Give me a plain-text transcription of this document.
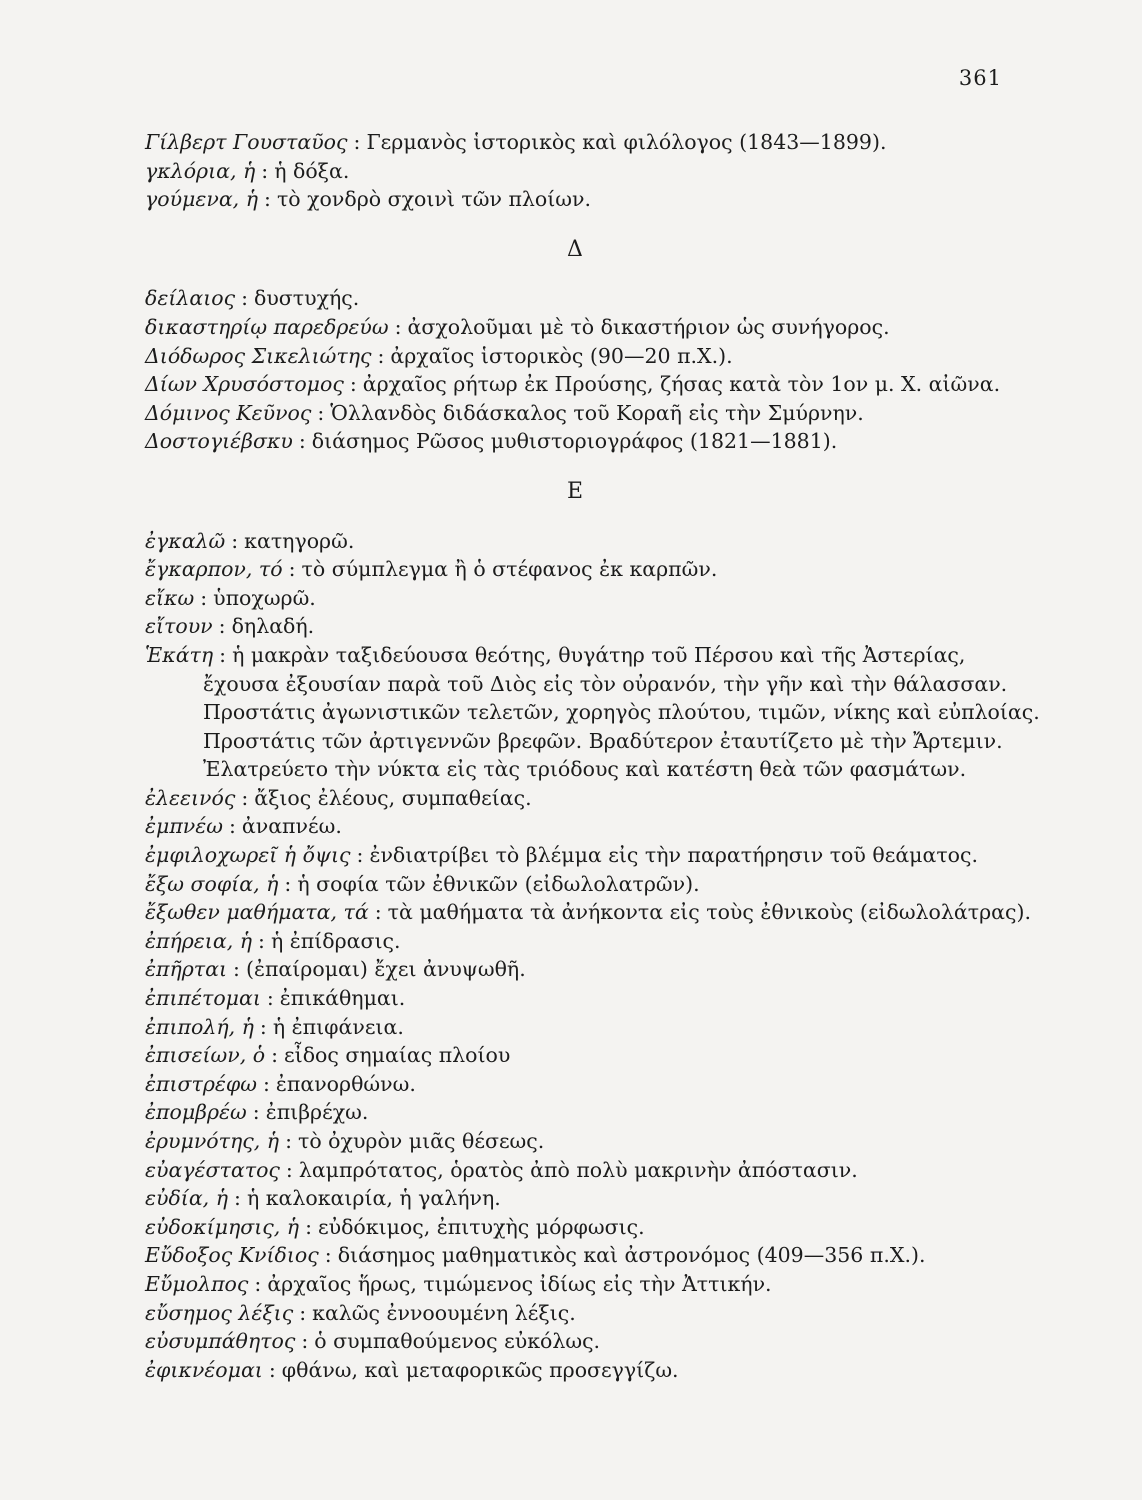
361
Γίλβερτ Γουσταῦος : Γερμανὸς ἱστορικὸς καὶ φιλόλογος (1843—1899).
γκλόρια, ἡ : ἡ δόξα.
γούμενα, ἡ : τὸ χονδρὸ σχοινὶ τῶν πλοίων.
Δ
δείλαιος : δυστυχής.
δικαστηρίῳ παρεδρεύω : ἀσχολοῦμαι μὲ τὸ δικαστήριον ὡς συνήγορος.
Διόδωρος Σικελιώτης : ἀρχαῖος ἱστορικὸς (90—20 π.Χ.).
Δίων Χρυσόστομος : ἀρχαῖος ρήτωρ ἐκ Προύσης, ζήσας κατὰ τὸν 1ον μ. Χ. αἰῶνα.
Δόμινος Κεῦνος : Ὁλλανδὸς διδάσκαλος τοῦ Κοραῆ εἰς τὴν Σμύρνην.
Δοστογιέβσκυ : διάσημος Ρῶσος μυθιστοριογράφος (1821—1881).
Ε
ἐγκαλῶ : κατηγορῶ.
ἔγκαρπον, τό : τὸ σύμπλεγμα ἢ ὁ στέφανος ἐκ καρπῶν.
εἴκω : ὑποχωρῶ.
εἴτουν : δηλαδή.
Ἑκάτη : ἡ μακρὰν ταξιδεύουσα θεότης, θυγάτηρ τοῦ Πέρσου καὶ τῆς Ἀστερίας,
ἔχουσα ἐξουσίαν παρὰ τοῦ Διὸς εἰς τὸν οὐρανόν, τὴν γῆν καὶ τὴν θάλασσαν.
Προστάτις ἀγωνιστικῶν τελετῶν, χορηγὸς πλούτου, τιμῶν, νίκης καὶ εὐπλοίας.
Προστάτις τῶν ἀρτιγεννῶν βρεφῶν. Βραδύτερον ἐταυτίζετο μὲ τὴν Ἄρτεμιν.
Ἐλατρεύετο τὴν νύκτα εἰς τὰς τριόδους καὶ κατέστη θεὰ τῶν φασμάτων.
ἐλεεινός : ἄξιος ἐλέους, συμπαθείας.
ἐμπνέω : ἀναπνέω.
ἐμφιλοχωρεῖ ἡ ὄψις : ἐνδιατρίβει τὸ βλέμμα εἰς τὴν παρατήρησιν τοῦ θεάματος.
ἔξω σοφία, ἡ : ἡ σοφία τῶν ἐθνικῶν (εἰδωλολατρῶν).
ἔξωθεν μαθήματα, τά : τὰ μαθήματα τὰ ἀνήκοντα εἰς τοὺς ἐθνικοὺς (εἰδωλολάτρας).
ἐπήρεια, ἡ : ἡ ἐπίδρασις.
ἐπῆρται : (ἐπαίρομαι) ἔχει ἀνυψωθῆ.
ἐπιπέτομαι : ἐπικάθημαι.
ἐπιπολή, ἡ : ἡ ἐπιφάνεια.
ἐπισείων, ὁ : εἶδος σημαίας πλοίου
ἐπιστρέφω : ἐπανορθώνω.
ἐπομβρέω : ἐπιβρέχω.
ἐρυμνότης, ἡ : τὸ ὀχυρὸν μιᾶς θέσεως.
εὐαγέστατος : λαμπρότατος, ὁρατὸς ἀπὸ πολὺ μακρινὴν ἀπόστασιν.
εὐδία, ἡ : ἡ καλοκαιρία, ἡ γαλήνη.
εὐδοκίμησις, ἡ : εὐδόκιμος, ἐπιτυχὴς μόρφωσις.
Εὔδοξος Κνίδιος : διάσημος μαθηματικὸς καὶ ἀστρονόμος (409—356 π.Χ.).
Εὔμολπος : ἀρχαῖος ἥρως, τιμώμενος ἰδίως εἰς τὴν Ἀττικήν.
εὔσημος λέξις : καλῶς ἐννοουμένη λέξις.
εὐσυμπάθητος : ὁ συμπαθούμενος εὐκόλως.
ἐφικνέομαι : φθάνω, καὶ μεταφορικῶς προσεγγίζω.
